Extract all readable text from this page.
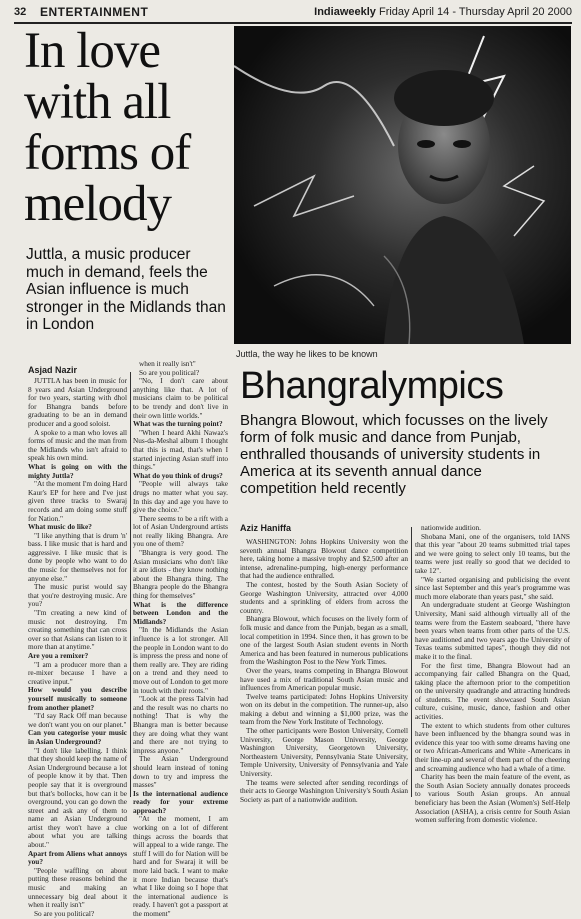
32 ENTERTAINMENT	Indiaweekly Friday April 14 - Thursday April 20 2000
In love with all forms of melody
Juttla, a music producer much in demand, feels the Asian influence is much stronger in the Midlands than in London
Juttla, the way he likes to be known
Asjad Nazir

JUTTLA has been in music for 8 years and Asian Underground for two years, starting with dhol for Bhangra bands before graduating to be an in demand producer and a good soloist.

A spoke to a man who loves all forms of music and the man from the Midlands who isn't afraid to speak his own mind.

What is going on with the mighty Juttla?

"At the moment I'm doing Hard Kaur's EP for here and I've just given three tracks to Swaraj records and am doing some stuff for Nation."

What music do like?

"I like anything that is drum 'n' bass. I like music that is hard and aggressive. I like music that is done by people who want to do the music for themselves not for anyone else."

The music purist would say that you're destroying music. Are you?

"I'm creating a new kind of music not destroying. I'm creating something that can cross over so that Asians can listen to it more than at anytime."

Are you a remixer?

"I am a producer more than a re-mixer because I have a creative input."

How would you describe yourself musically to someone from another planet?

"I'd say Rack Off man because we don't want you on our planet."

Can you categorise your music in Asian Underground?

"I don't like labelling. I think that they should keep the name of Asian Underground because a lot of people know it by that. Then people say that it is overground but that's bollocks, how can it be overground, you can go down the street and ask any of them to name an Asian Underground artist they won't have a clue about what you are talking about."

Apart from Aliens what annoys you?

"People waffling on about putting these reasons behind the music and making an unnecessary big deal about it when it really isn't"

So are you political?

when it really isn't"

So are you political?

"No, I don't care about anything like that. A lot of musicians claim to be political to be trendy and don't live in their own little worlds."

What was the turning point?

"When I heard Akhi Nawaz's Nus-da-Meshal album I thought that this is mad, that's when I started injecting Asian stuff into things."

What do you think of drugs?

"People will always take drugs no matter what you say. In this day and age you have to give the choice."

There seems to be a rift with a lot of Asian Underground artists not really liking Bhangra. Are you one of them?

"Bhangra is very good. The Asian musicians who don't like it are idiots - they know nothing about the Bhangra thing. The Bhangra people do the Bhangra thing for themselves"

What is the difference between London and the Midlands?

"In the Midlands the Asian influence is a lot stronger. All the people in London want to do is impress the press and none of them really are. They are riding on a trend and they need to move out of London to get more in touch with their roots."

"Look at the press Talvin had and the result was no charts no nothing! That is why the Bhangra man is better because they are doing what they want and there are not trying to impress anyone."

The Asian Underground should learn instead of toning down to try and impress the masses"

Is the international audience ready for your extreme approach?

"At the moment, I am working on a lot of different things across the boards that will appeal to a wide range. The stuff I will do for Nation will be hard and for Swaraj it will be more laid back. I want to make it more Indian because that's what I like doing so I hope that the international audience is ready. I haven't got a passport at the moment"

Bhangralympics
Bhangra Blowout, which focusses on the lively form of folk music and dance from Punjab, enthralled thousands of university students in America at its seventh annual dance competition held recently
Aziz Haniffa

WASHINGTON: Johns Hopkins University won the seventh annual Bhangra Blowout dance competition here, taking home a massive trophy and $2,500 after an intense, adrenaline-pumping, high-energy performance that had the audience enthralled.

The contest, hosted by the South Asian Society of George Washington University, attracted over 4,000 students and a sprinkling of elders from across the country.

Bhangra Blowout, which focuses on the lively form of folk music and dance from the Punjab, began as a small, local competition in 1994. Since then, it has grown to be one of the largest South Asian student events in North America and has been featured in numerous publications from the Washington Post to the New York Times.

Over the years, teams competing in Bhangra Blowout have used a mix of traditional South Asian music and influences from American popular music.

Twelve teams participated: Johns Hopkins University won on its debut in the competition. The runner-up, also making a debut and winning a $1,000 prize, was the team from the New York Institute of Technology.

The other participants were Boston University, Cornell University, George Mason University, George Washington University, Georgetown University, Northeastern University, Pennsylvania State University, Temple University, University of Pennsylvania and Yale University.

The teams were selected after sending recordings of their acts to George Washington University's South Asian Society as part of a nationwide audition.

nationwide audition.

Shobana Mani, one of the organisers, told IANS that this year "about 20 teams submitted trial tapes and we were going to select only 10 teams, but the teams were just really so good that we decided to take 12".

"We started organising and publicising the event since last September and this year's programme was much more elaborate than years past," she said.

An undergraduate student at George Washington University, Mani said although virtually all of the teams were from the Eastern seaboard, "there have been years when teams from other parts of the U.S. have auditioned and two years ago the University of Texas teams submitted tapes", though they did not make it to the final.

For the first time, Bhangra Blowout had an accompanying fair called Bhangra on the Quad, taking place the afternoon prior to the competition on the university quadrangle and attracting hundreds of students. The event showcased South Asian culture, cuisine, music, dance, fashion and other activities.

The extent to which students from other cultures have been influenced by the bhangra sound was in evidence this year too with some dreams having one or two African-Americans and White -Americans in their line-up and several of them part of the cheering and screaming audience who had a whale of a time.

Charity has been the main feature of the event, as the South Asian Society annually donates proceeds to various South Asian groups. An annual beneficiary has been the Asian (Women's) Self-Help Association (ASHA), a crisis centre for South Asian women suffering from domestic violence.
